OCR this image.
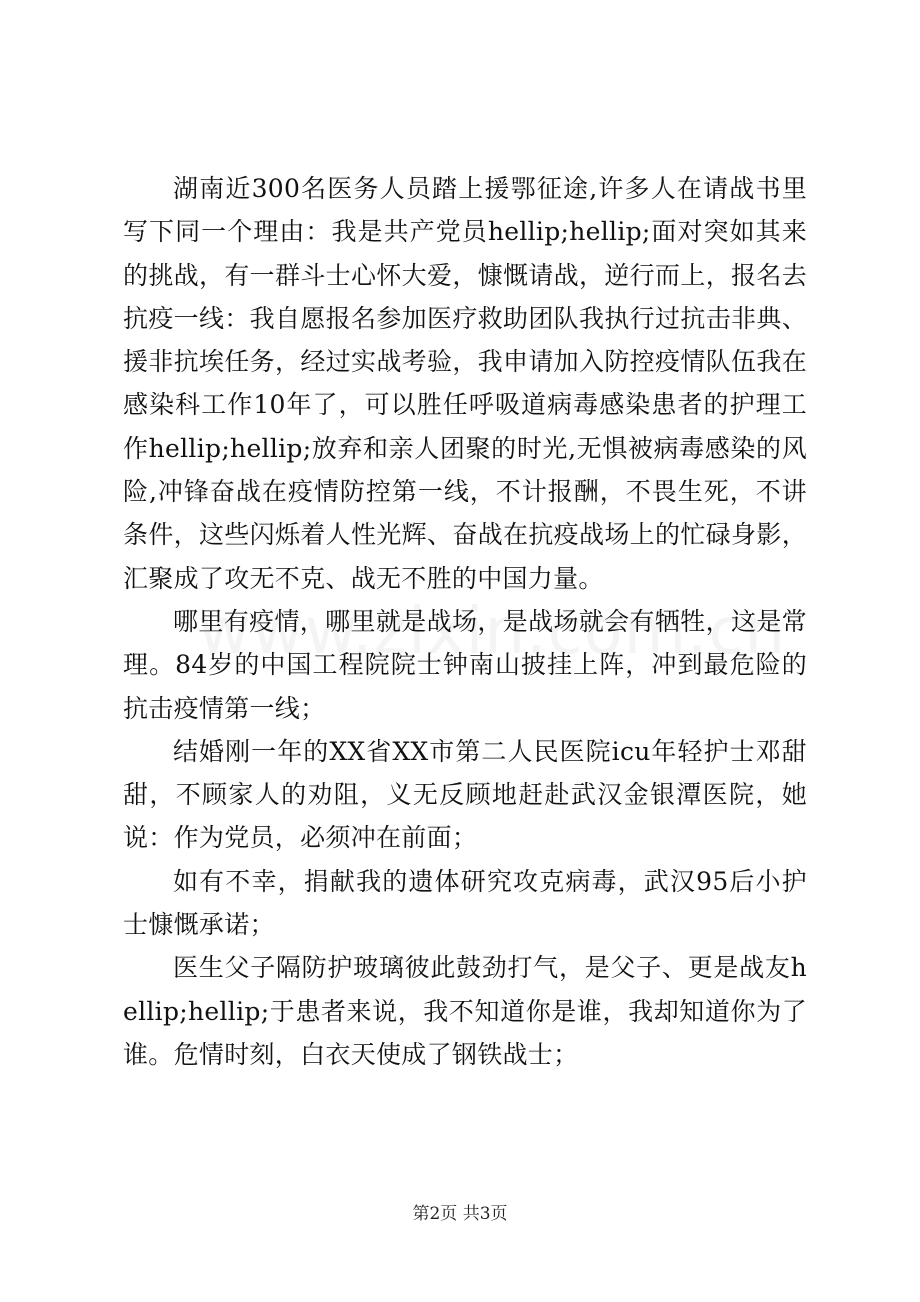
湖南近300名医务人员踏上援鄂征途,许多人在请战书里写下同一个理由：我是共产党员hellip;hellip;面对突如其来的挑战，有一群斗士心怀大爱，慷慨请战，逆行而上，报名去抗疫一线：我自愿报名参加医疗救助团队我执行过抗击非典、援非抗埃任务，经过实战考验，我申请加入防控疫情队伍我在感染科工作10年了，可以胜任呼吸道病毒感染患者的护理工作hellip;hellip;放弃和亲人团聚的时光,无惧被病毒感染的风险,冲锋奋战在疫情防控第一线，不计报酬，不畏生死，不讲条件，这些闪烁着人性光辉、奋战在抗疫战场上的忙碌身影，汇聚成了攻无不克、战无不胜的中国力量。

哪里有疫情，哪里就是战场，是战场就会有牺牲，这是常理。84岁的中国工程院院士钟南山披挂上阵，冲到最危险的抗击疫情第一线；

结婚刚一年的XX省XX市第二人民医院icu年轻护士邓甜甜，不顾家人的劝阻，义无反顾地赶赴武汉金银潭医院，她说：作为党员，必须冲在前面；

如有不幸，捐献我的遗体研究攻克病毒，武汉95后小护士慷慨承诺；

医生父子隔防护玻璃彼此鼓劲打气，是父子、更是战友hellip;hellip;于患者来说，我不知道你是谁，我却知道你为了谁。危情时刻，白衣天使成了钢铁战士；

第2页 共3页
